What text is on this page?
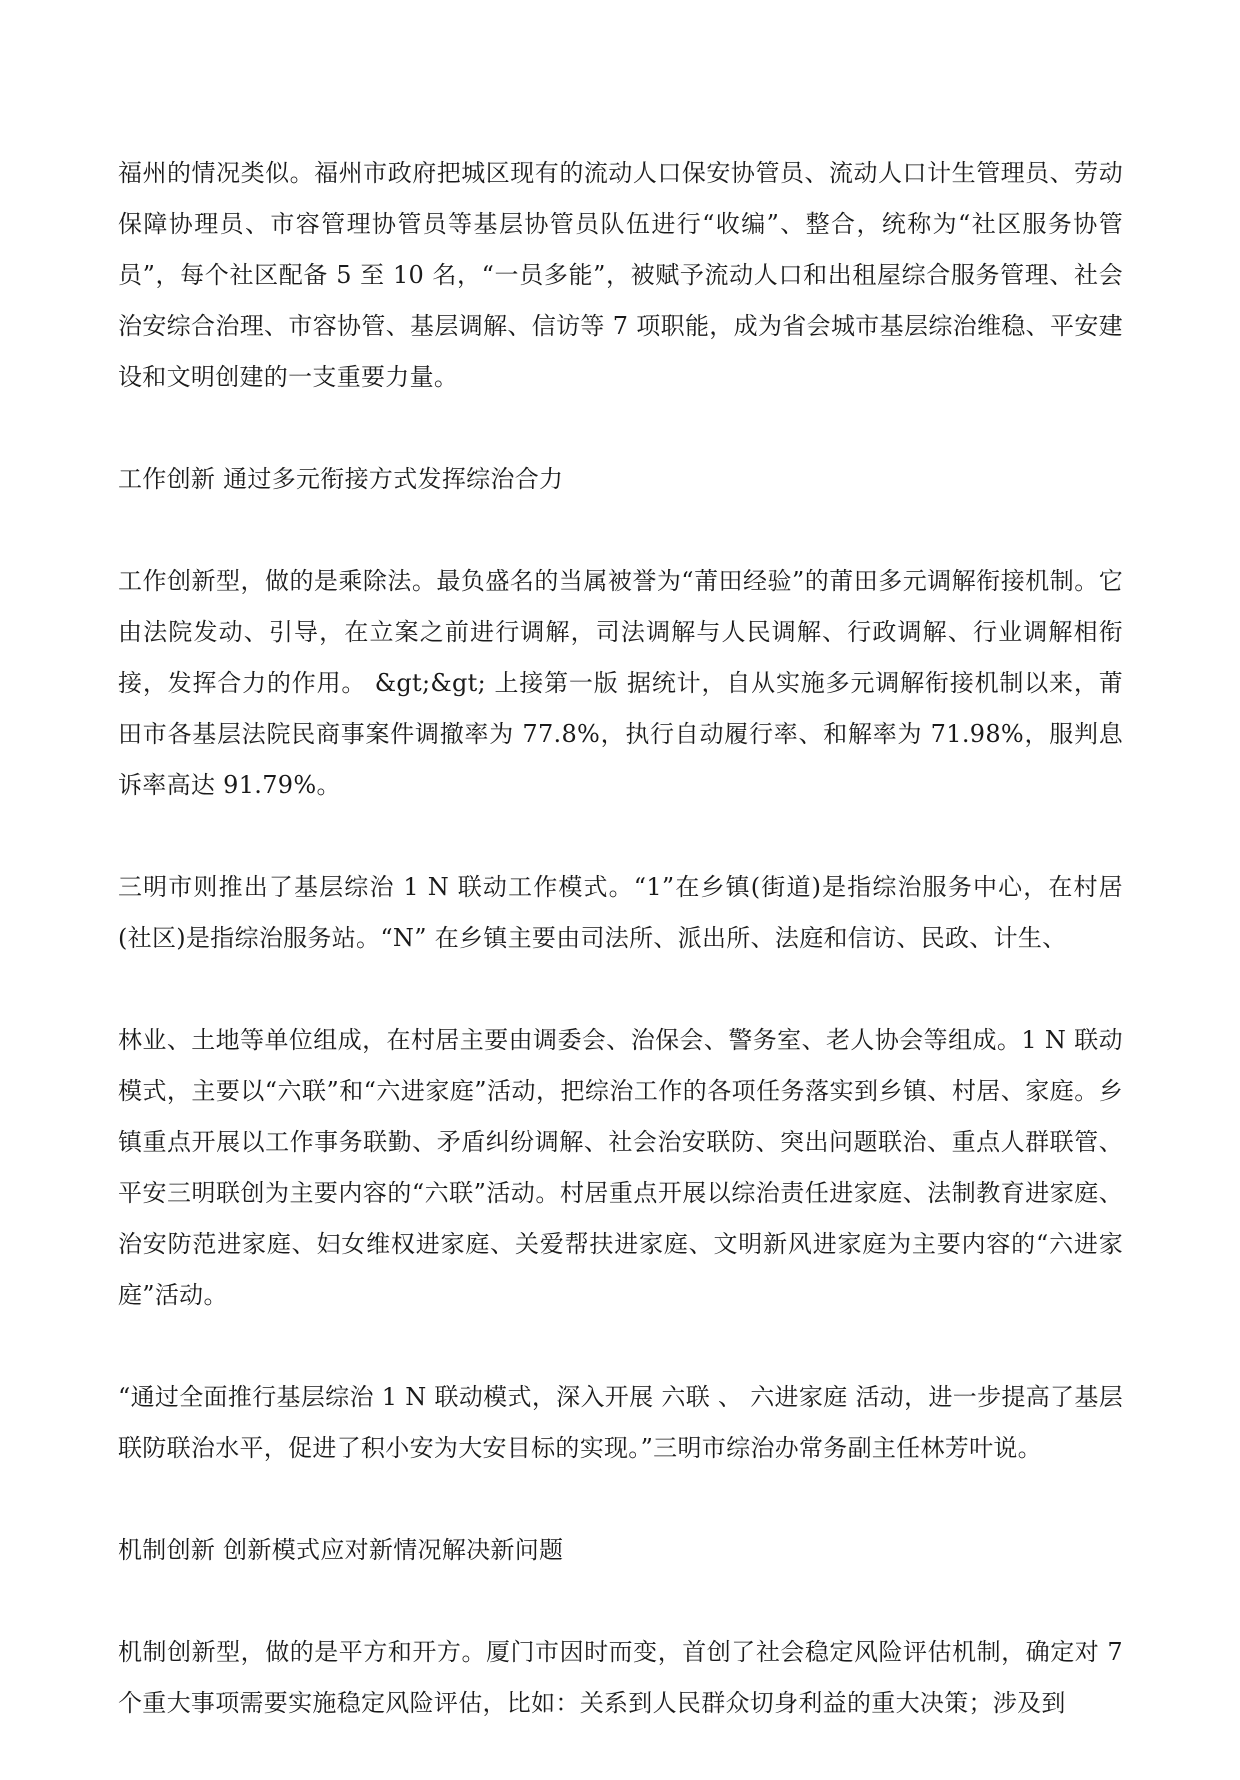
福州的情况类似。福州市政府把城区现有的流动人口保安协管员、流动人口计生管理员、劳动保障协理员、市容管理协管员等基层协管员队伍进行“收编”、整合，统称为“社区服务协管员”，每个社区配备 5 至 10 名，“一员多能”，被赋予流动人口和出租屋综合服务管理、社会治安综合治理、市容协管、基层调解、信访等 7 项职能，成为省会城市基层综治维稳、平安建设和文明创建的一支重要力量。

工作创新 通过多元衔接方式发挥综治合力

工作创新型，做的是乘除法。最负盛名的当属被誉为“莆田经验”的莆田多元调解衔接机制。它由法院发动、引导，在立案之前进行调解，司法调解与人民调解、行政调解、行业调解相衔接，发挥合力的作用。 &gt;&gt; 上接第一版 据统计，自从实施多元调解衔接机制以来，莆田市各基层法院民商事案件调撤率为 77.8%，执行自动履行率、和解率为 71.98%，服判息诉率高达 91.79%。

三明市则推出了基层综治 1 N 联动工作模式。“1”在乡镇(街道)是指综治服务中心，在村居(社区)是指综治服务站。“N” 在乡镇主要由司法所、派出所、法庭和信访、民政、计生、

林业、土地等单位组成，在村居主要由调委会、治保会、警务室、老人协会等组成。1 N 联动模式，主要以“六联”和“六进家庭”活动，把综治工作的各项任务落实到乡镇、村居、家庭。乡镇重点开展以工作事务联勤、矛盾纠纷调解、社会治安联防、突出问题联治、重点人群联管、平安三明联创为主要内容的“六联”活动。村居重点开展以综治责任进家庭、法制教育进家庭、治安防范进家庭、妇女维权进家庭、关爱帮扶进家庭、文明新风进家庭为主要内容的“六进家庭”活动。

“通过全面推行基层综治 1 N 联动模式，深入开展 六联 、 六进家庭 活动，进一步提高了基层联防联治水平，促进了积小安为大安目标的实现。”三明市综治办常务副主任林芳叶说。

机制创新 创新模式应对新情况解决新问题

机制创新型，做的是平方和开方。厦门市因时而变，首创了社会稳定风险评估机制，确定对 7 个重大事项需要实施稳定风险评估，比如：关系到人民群众切身利益的重大决策；涉及到
